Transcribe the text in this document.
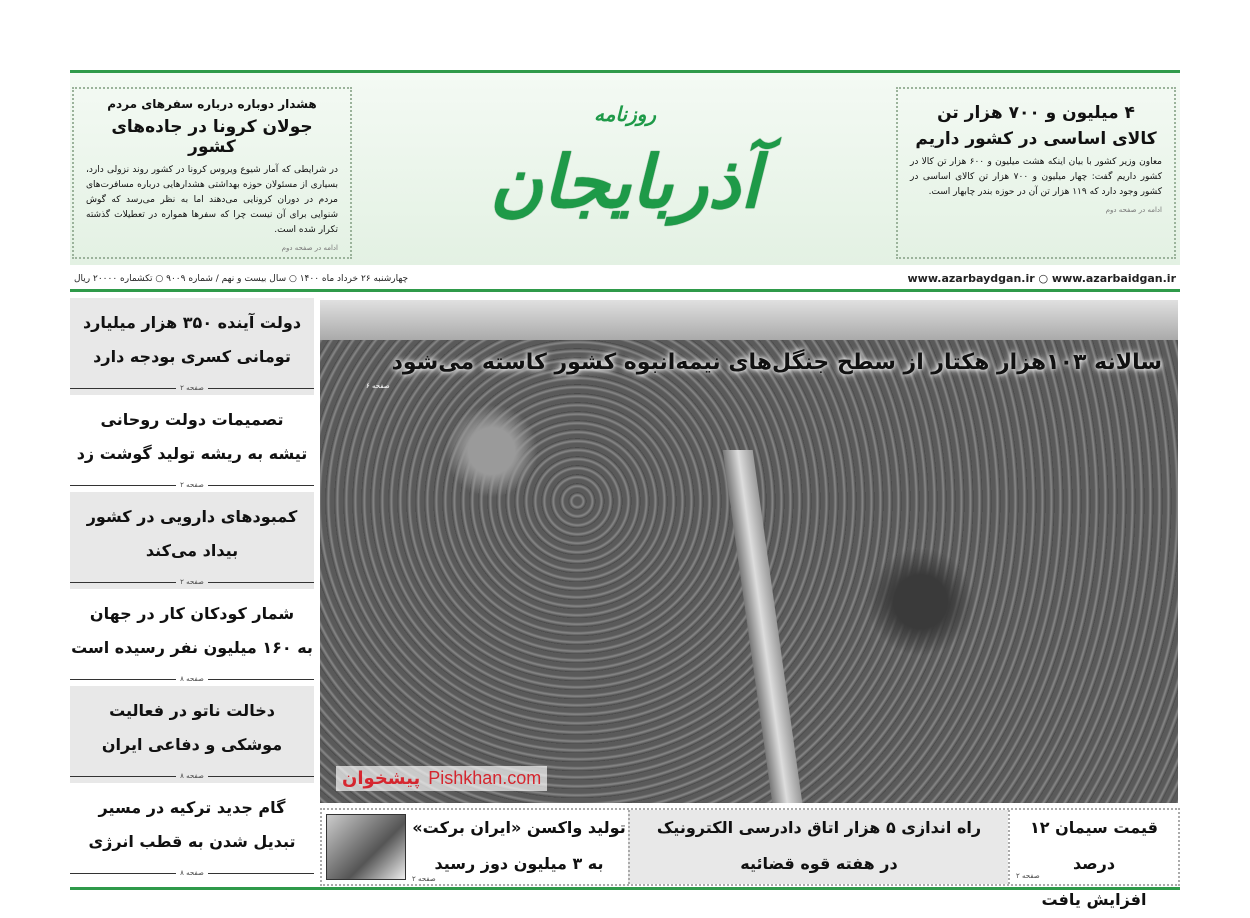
هشدار دوباره درباره سفرهای مردم
جولان کرونا در جاده‌های کشور
در شرایطی که آمار شیوع ویروس کرونا در کشور روند نزولی دارد، بسیاری از مسئولان حوزه بهداشتی هشدارهایی درباره مسافرت‌های مردم در دوران کرونایی می‌دهند اما به نظر می‌رسد که گوش شنوایی برای آن نیست چرا که سفرها همواره در تعطیلات گذشته تکرار شده است.
ادامه در صفحه دوم
۴ میلیون و ۷۰۰ هزار تن
کالای اساسی در کشور داریم
معاون وزیر کشور با بیان اینکه هشت میلیون و ۶۰۰ هزار تن کالا در کشور داریم گفت: چهار میلیون و ۷۰۰ هزار تن کالای اساسی در کشور وجود دارد که ۱۱۹ هزار تن آن در حوزه بندر چابهار است.
ادامه در صفحه دوم
روزنامه
آذربایجان
www.azarbaydgan.ir ○ www.azarbaidgan.ir
چهارشنبه ۲۶ خرداد ماه ۱۴۰۰ ○ سال بیست و نهم / شماره ۹۰۰۹ ○ تکشماره ۲۰۰۰۰ ریال
دولت آینده ۳۵۰ هزار میلیارد
تومانی کسری بودجه دارد
صفحه ۲
تصمیمات دولت روحانی
تیشه به ریشه تولید گوشت زد
صفحه ۲
کمبودهای دارویی در کشور
بیداد می‌کند
صفحه ۲
شمار کودکان کار در جهان
به ۱۶۰ میلیون نفر رسیده است
صفحه ۸
دخالت ناتو در فعالیت
موشکی و دفاعی ایران
صفحه ۸
گام جدید ترکیه در مسیر
تبدیل شدن به قطب انرژی
صفحه ۸
سالانه ۱۰۳هزار هکتار از سطح جنگل‌های نیمه‌انبوه کشور کاسته می‌شود
صفحه ۶
قیمت سیمان ۱۲ درصد
افزایش یافت
صفحه ۲
راه اندازی ۵ هزار اتاق دادرسی الکترونیک
در هفته قوه قضائیه
تولید واکسن «ایران برکت»
به ۳ میلیون دوز رسید
صفحه ۲
پیشخوان Pishkhan.com
